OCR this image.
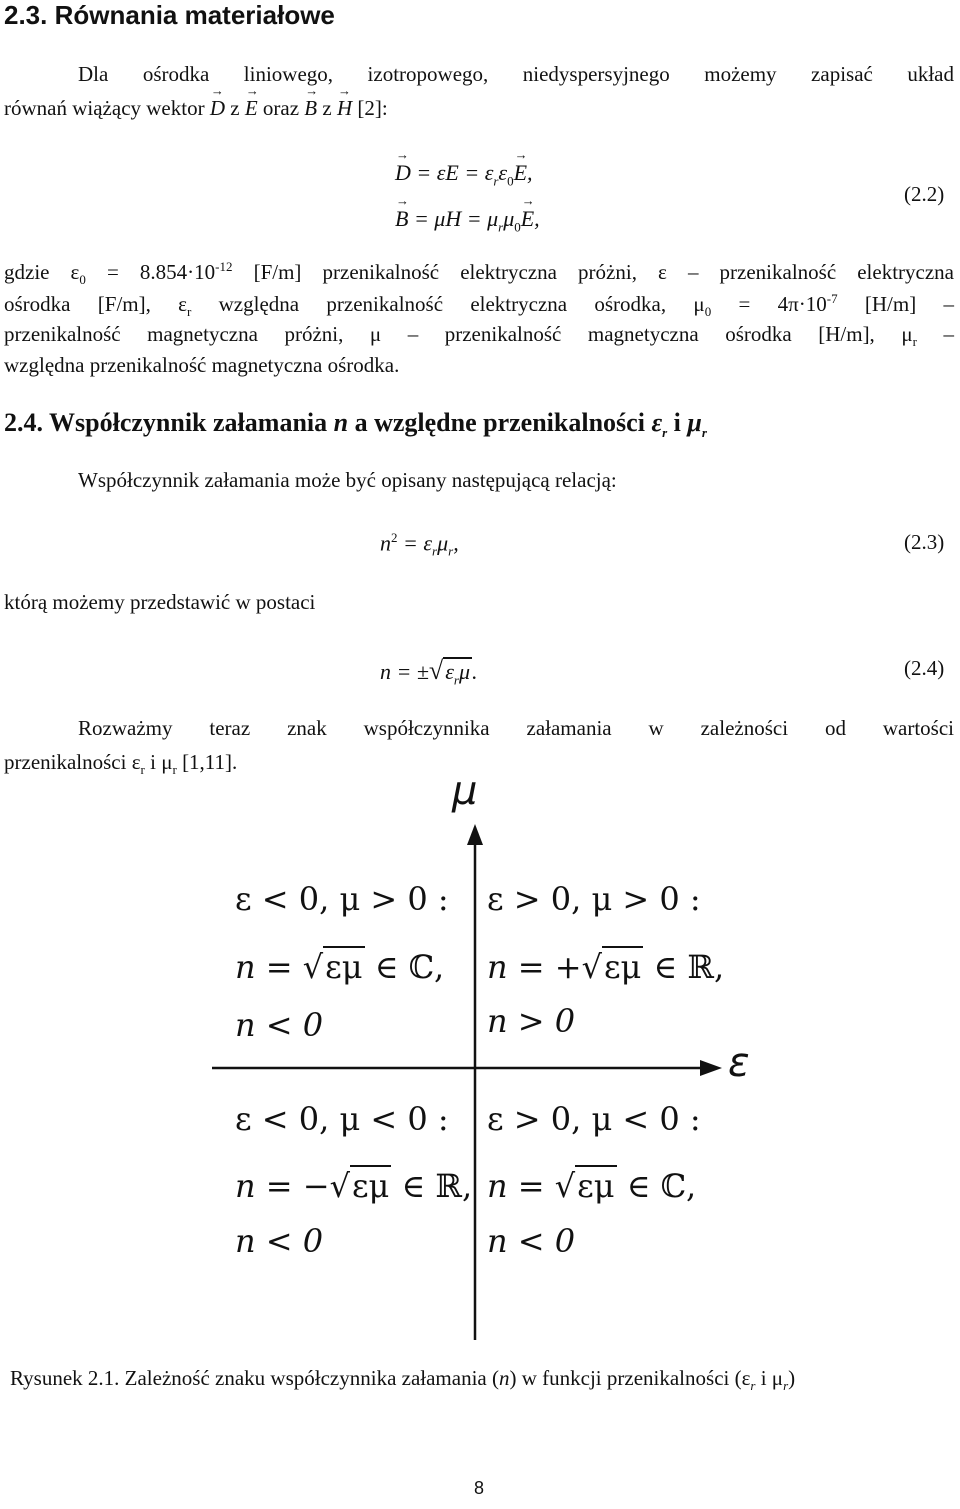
2.3. Równania materiałowe
Dla ośrodka liniowego, izotropowego, niedyspersyjnego możemy zapisać układ
równań wiążący wektor → D z → E oraz → B z → H [2]:
→ $D = \varepsilon E = \varepsilon_r\varepsilon_0\to E$,
→ $B = \mu H = \mu_r\mu_0\to E$,
(2.2)
gdzie $\varepsilon_0 = 8.854\cdot 10^{-12}$ [F/m] przenikalność elektryczna próżni, ε – przenikalność elektryczna
ośrodka [F/m], $\varepsilon_r$ względna przenikalność elektryczna ośrodka, $\mu_0 = 4\pi\cdot 10^{-7}$ [H/m] –
przenikalność magnetyczna próżni, μ – przenikalność magnetyczna ośrodka [H/m], $\mu_r$ –
względna przenikalność magnetyczna ośrodka.
2.4. Współczynnik załamania n a względne przenikalności $\varepsilon_r$ i $\mu_r$
Współczynnik załamania może być opisany następującą relacją:
$n^2 = \varepsilon_r\mu_r$,	(2.3)
którą możemy przedstawić w postaci
$n = \pm√\varepsilon_r\mu$.	(2.4)
Rozważmy teraz znak współczynnika załamania w zależności od wartości
przenikalności $\varepsilon_r$ i $\mu_r$ [1,11].
μ
ε
ε < 0, μ > 0 :
n = √εμ ∈ ℂ,
n < 0
ε > 0, μ > 0 :
n = +√εμ ∈ ℝ,
n > 0
ε < 0, μ < 0 :
n = −√εμ ∈ ℝ,
n < 0
ε > 0, μ < 0 :
n = √εμ ∈ ℂ,
n < 0
Rysunek 2.1. Zależność znaku współczynnika załamania (n) w funkcji przenikalności ($\varepsilon_r$ i $\mu_r$)
8
